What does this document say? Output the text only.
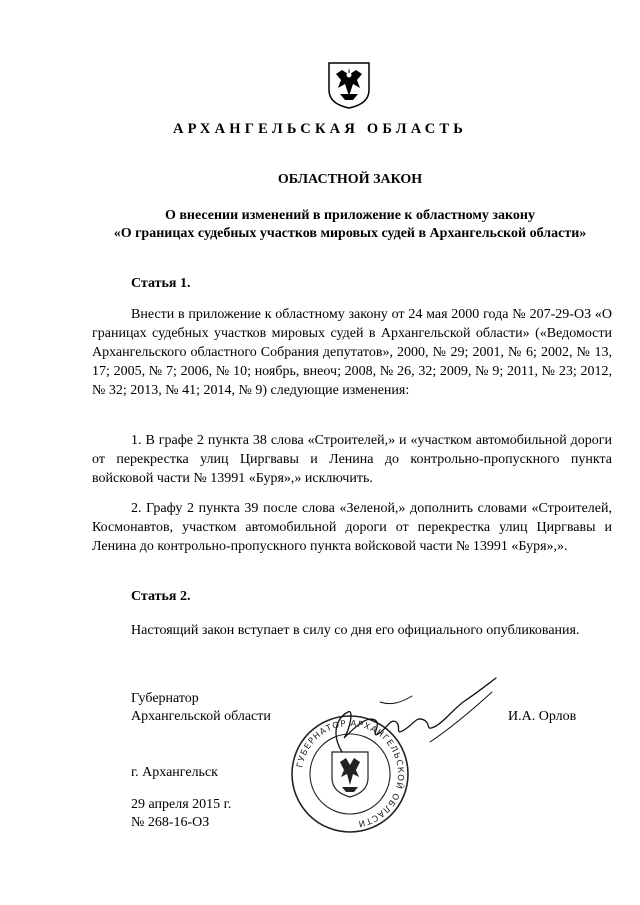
АРХАНГЕЛЬСКАЯ ОБЛАСТЬ
ОБЛАСТНОЙ ЗАКОН
О внесении изменений в приложение к областному закону
«О границах судебных участков мировых судей в Архангельской области»
Статья 1.
Внести в приложение к областному закону от 24 мая 2000 года № 207-29-ОЗ «О границах судебных участков мировых судей в Архангельской области» («Ведомости Архангельского областного Собрания депутатов», 2000, № 29; 2001, № 6; 2002, № 13, 17; 2005, № 7; 2006, № 10; ноябрь, внеоч; 2008, № 26, 32; 2009, № 9; 2011, № 23; 2012, № 32; 2013, № 41; 2014, № 9) следующие изменения:
1. В графе 2 пункта 38 слова «Строителей,» и «участком автомобильной дороги от перекрестка улиц Циргвавы и Ленина до контрольно-пропускного пункта войсковой части № 13991 «Буря»,» исключить.
2. Графу 2 пункта 39 после слова «Зеленой,» дополнить словами «Строителей, Космонавтов, участком автомобильной дороги от перекрестка улиц Циргвавы и Ленина до контрольно-пропускного пункта войсковой части № 13991 «Буря»,».
Статья 2.
Настоящий закон вступает в силу со дня его официального опубликования.
Губернатор
Архангельской области	И.А. Орлов
ГУБЕРНАТОР АРХАНГЕЛЬСКОЙ ОБЛАСТИ
г. Архангельск
29 апреля 2015 г.
№ 268-16-ОЗ
